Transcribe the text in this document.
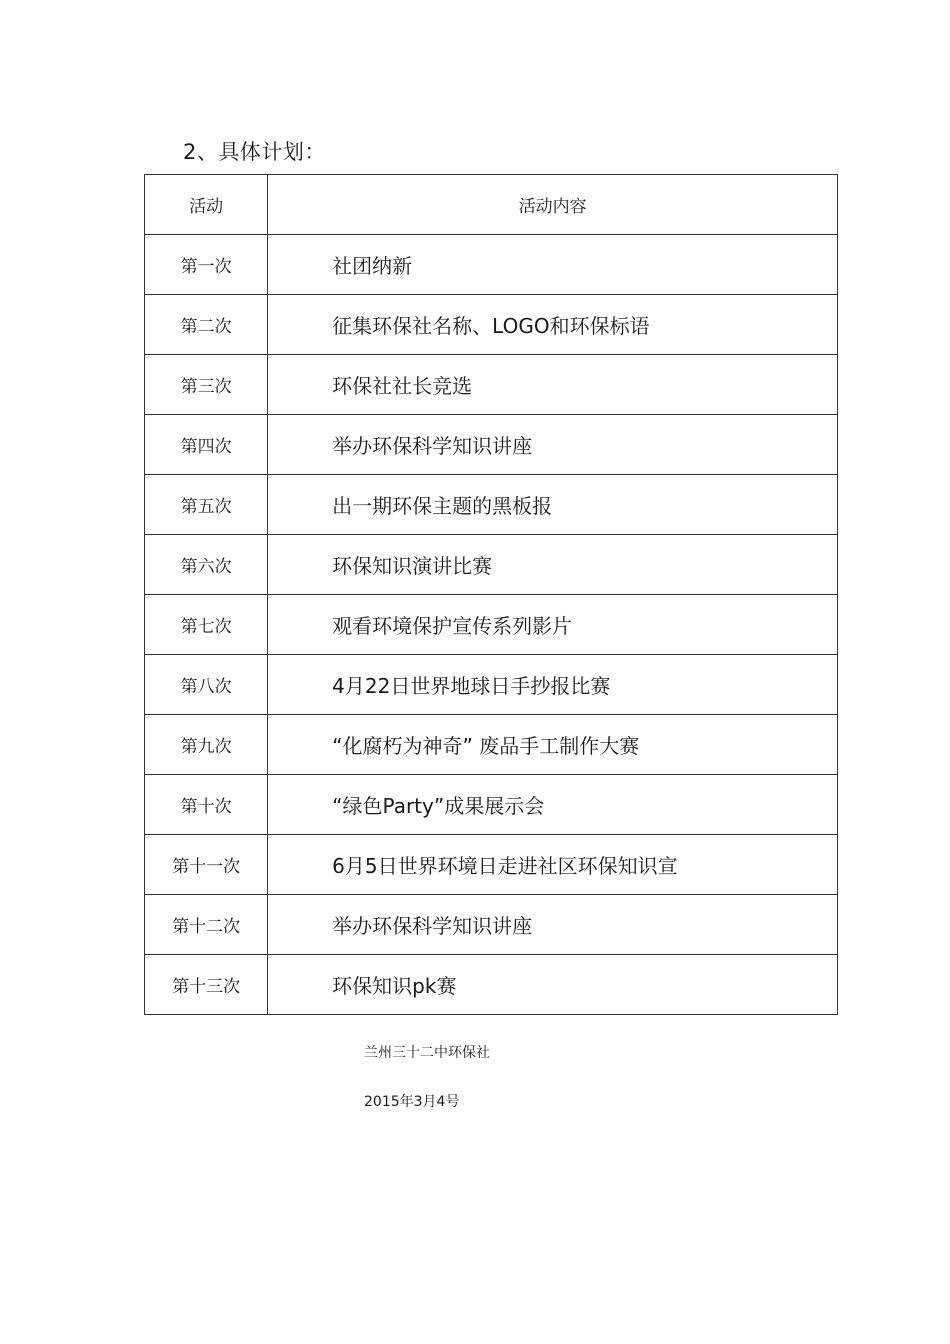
2、具体计划：
活动	活动内容
第一次	社团纳新
第二次	征集环保社名称、LOGO和环保标语
第三次	环保社社长竞选
第四次	举办环保科学知识讲座
第五次	出一期环保主题的黑板报
第六次	环保知识演讲比赛
第七次	观看环境保护宣传系列影片
第八次	4月22日世界地球日手抄报比赛
第九次	“化腐朽为神奇” 废品手工制作大赛
第十次	“绿色Party”成果展示会
第十一次	6月5日世界环境日走进社区环保知识宣
第十二次	举办环保科学知识讲座
第十三次	环保知识pk赛
兰州三十二中环保社
2015年3月4号
